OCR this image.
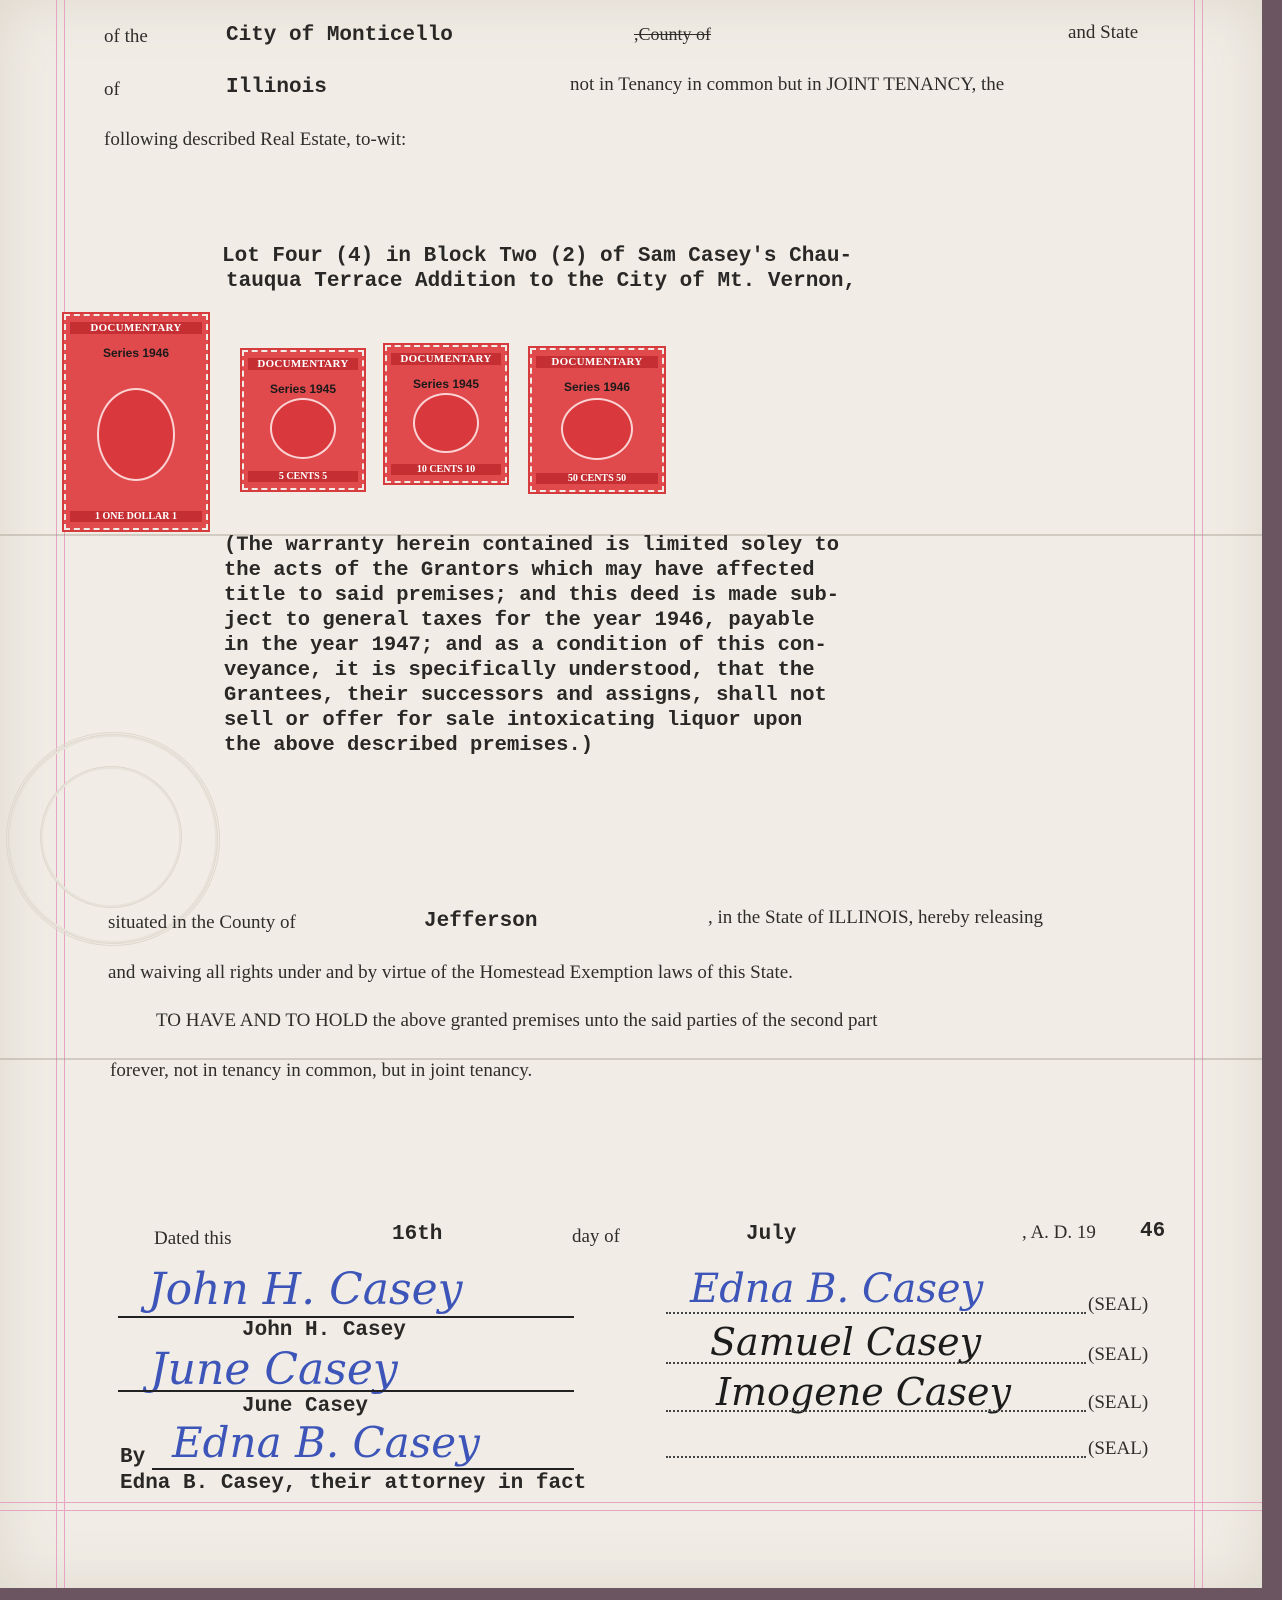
of the	City of Monticello	,County of	and State
of	Illinois	not in Tenancy in common but in JOINT TENANCY, the
following described Real Estate, to-wit:
Lot Four (4) in Block Two (2) of Sam Casey's Chau-
tauqua Terrace Addition to the City of Mt. Vernon,
DOCUMENTARY
Series 1946
1 ONE DOLLAR 1
DOCUMENTARY
Series 1945
5 CENTS 5
DOCUMENTARY
Series 1945
10 CENTS 10
DOCUMENTARY
Series 1946
50 CENTS 50
(The warranty herein contained is limited soley to
the acts of the Grantors which may have affected
title to said premises; and this deed is made sub-
ject to general taxes for the year 1946, payable
in the year 1947; and as a condition of this con-
veyance, it is specifically understood, that the
Grantees, their successors and assigns, shall not
sell or offer for sale intoxicating liquor upon
the above described premises.)
situated in the County of	Jefferson	, in the State of ILLINOIS, hereby releasing
and waiving all rights under and by virtue of the Homestead Exemption laws of this State.
TO HAVE AND TO HOLD the above granted premises unto the said parties of the second part
forever, not in tenancy in common, but in joint tenancy.
Dated this	16th	day of	July	, A. D. 19 46
John H. Casey
John H. Casey
June Casey
June Casey
By Edna B. Casey
Edna B. Casey, their attorney in fact
Edna B. Casey	(SEAL)
Samuel Casey	(SEAL)
Imogene Casey	(SEAL)
(SEAL)
